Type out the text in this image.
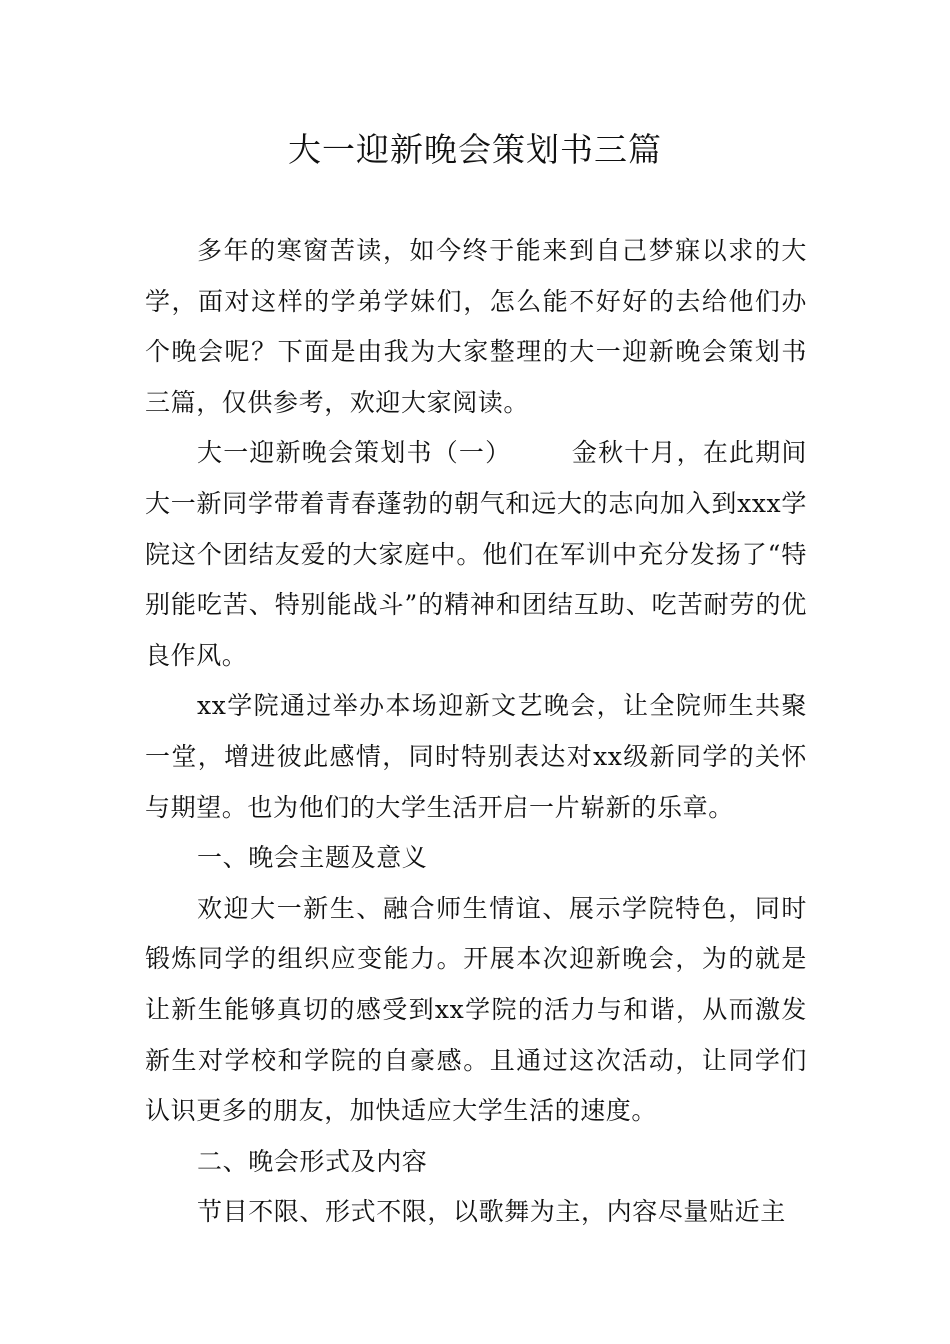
大一迎新晚会策划书三篇

多年的寒窗苦读，如今终于能来到自己梦寐以求的大学，面对这样的学弟学妹们，怎么能不好好的去给他们办个晚会呢？下面是由我为大家整理的大一迎新晚会策划书三篇，仅供参考，欢迎大家阅读。

大一迎新晚会策划书（一） 金秋十月，在此期间大一新同学带着青春蓬勃的朝气和远大的志向加入到xxx学院这个团结友爱的大家庭中。他们在军训中充分发扬了“特别能吃苦、特别能战斗”的精神和团结互助、吃苦耐劳的优良作风。

xx学院通过举办本场迎新文艺晚会，让全院师生共聚一堂，增进彼此感情，同时特别表达对xx级新同学的关怀与期望。也为他们的大学生活开启一片崭新的乐章。

一、晚会主题及意义

欢迎大一新生、融合师生情谊、展示学院特色，同时锻炼同学的组织应变能力。开展本次迎新晚会，为的就是让新生能够真切的感受到xx学院的活力与和谐，从而激发新生对学校和学院的自豪感。且通过这次活动，让同学们认识更多的朋友，加快适应大学生活的速度。

二、晚会形式及内容

节目不限、形式不限，以歌舞为主，内容尽量贴近主
